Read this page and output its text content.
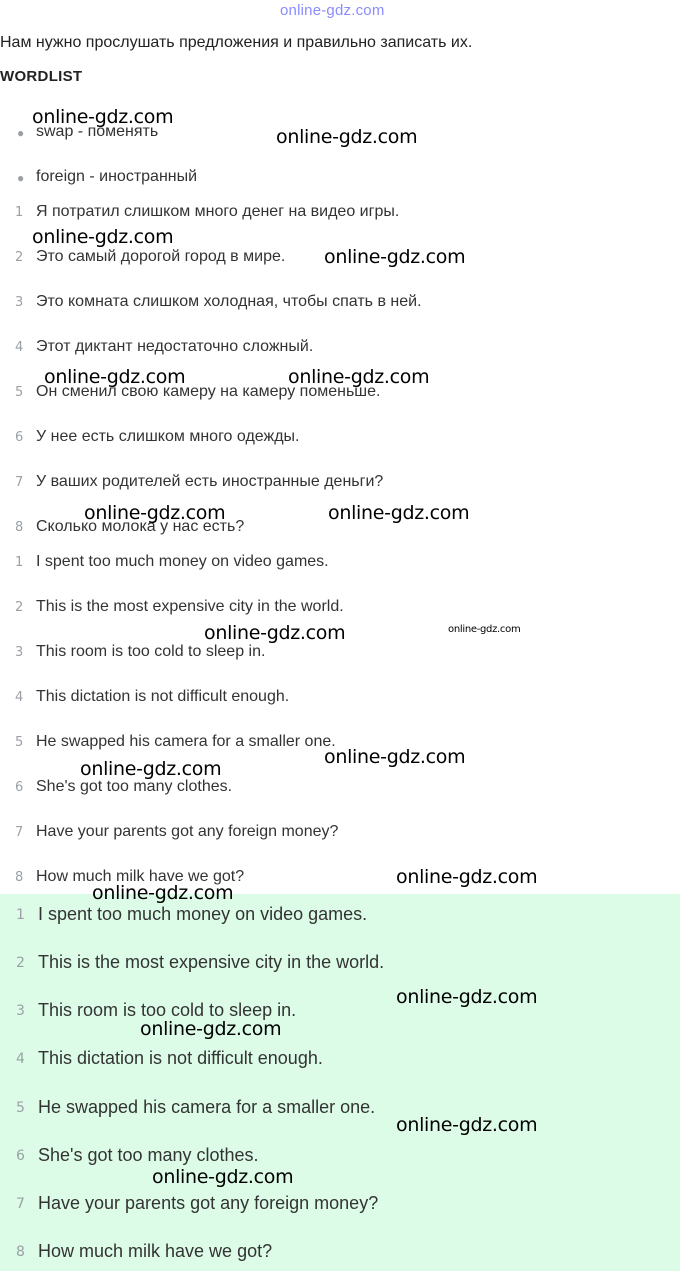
online-gdz.com
Нам нужно прослушать предложения и правильно записать их.
WORDLIST
● swap - поменять
● foreign - иностранный
1 Я потратил слишком много денег на видео игры.
2 Это самый дорогой город в мире.
3 Это комната слишком холодная, чтобы спать в ней.
4 Этот диктант недостаточно сложный.
5 Он сменил свою камеру на камеру поменьше.
6 У нее есть слишком много одежды.
7 У ваших родителей есть иностранные деньги?
8 Сколько молока у нас есть?
1 I spent too much money on video games.
2 This is the most expensive city in the world.
3 This room is too cold to sleep in.
4 This dictation is not difficult enough.
5 He swapped his camera for a smaller one.
6 She's got too many clothes.
7 Have your parents got any foreign money?
8 How much milk have we got?
1 I spent too much money on video games.
2 This is the most expensive city in the world.
3 This room is too cold to sleep in.
4 This dictation is not difficult enough.
5 He swapped his camera for a smaller one.
6 She's got too many clothes.
7 Have your parents got any foreign money?
8 How much milk have we got?
online-gdz.com
online-gdz.com
online-gdz.com
online-gdz.com
online-gdz.com	online-gdz.com
online-gdz.com	online-gdz.com
online-gdz.com	online-gdz.com
online-gdz.com
online-gdz.com
online-gdz.com
online-gdz.com
online-gdz.com
online-gdz.com
online-gdz.com
online-gdz.com
